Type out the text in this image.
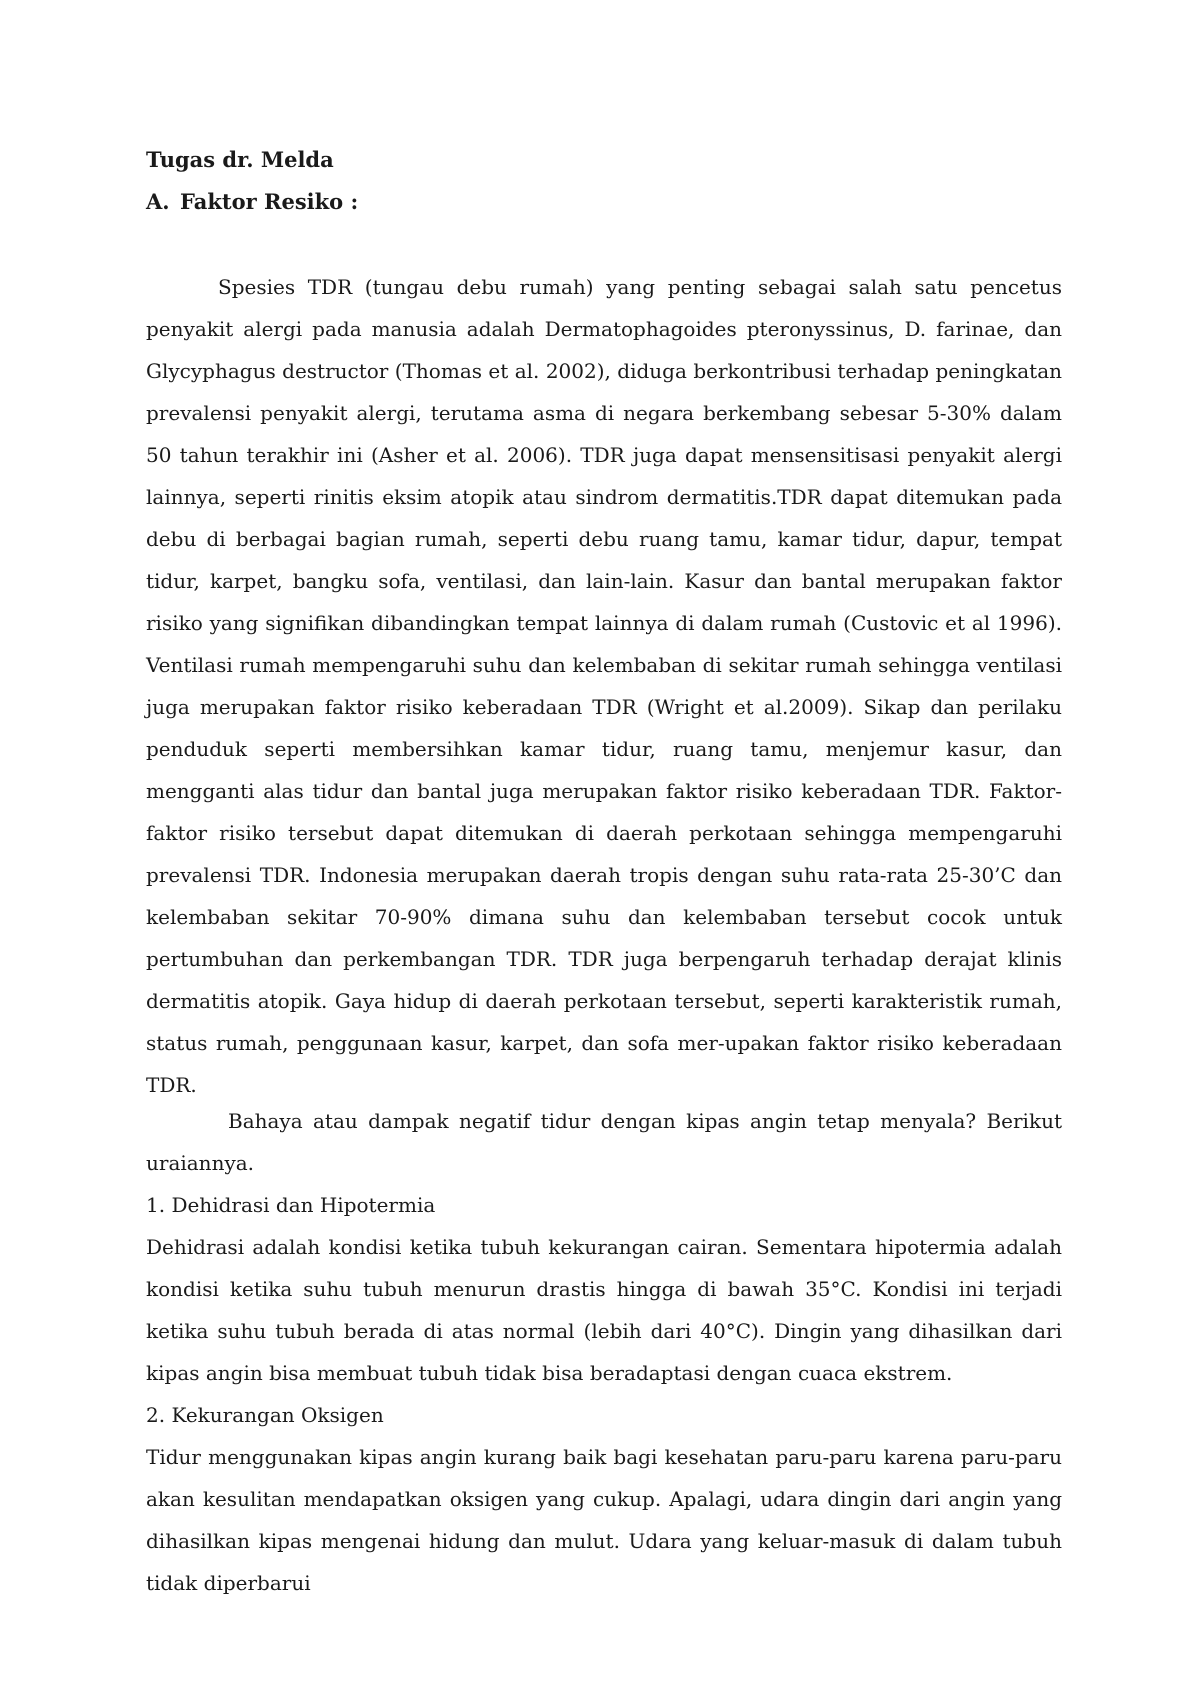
Tugas dr. Melda
A. Faktor Resiko :

Spesies TDR (tungau debu rumah) yang penting sebagai salah satu pencetus penyakit alergi pada manusia adalah Dermatophagoides pteronyssinus, D. farinae, dan Glycyphagus destructor (Thomas et al. 2002), diduga berkontribusi terhadap peningkatan prevalensi penyakit alergi, terutama asma di negara berkembang sebesar 5-30% dalam 50 tahun terakhir ini (Asher et al. 2006). TDR juga dapat mensensitisasi penyakit alergi lainnya, seperti rinitis eksim atopik atau sindrom dermatitis.TDR dapat ditemukan pada debu di berbagai bagian rumah, seperti debu ruang tamu, kamar tidur, dapur, tempat tidur, karpet, bangku sofa, ventilasi, dan lain-lain. Kasur dan bantal merupakan faktor risiko yang signifikan dibandingkan tempat lainnya di dalam rumah (Custovic et al 1996). Ventilasi rumah mempengaruhi suhu dan kelembaban di sekitar rumah sehingga ventilasi juga merupakan faktor risiko keberadaan TDR (Wright et al.2009). Sikap dan perilaku penduduk seperti membersihkan kamar tidur, ruang tamu, menjemur kasur, dan mengganti alas tidur dan bantal juga merupakan faktor risiko keberadaan TDR. Faktor-faktor risiko tersebut dapat ditemukan di daerah perkotaan sehingga mempengaruhi prevalensi TDR. Indonesia merupakan daerah tropis dengan suhu rata-rata 25-30’C dan kelembaban sekitar 70-90% dimana suhu dan kelembaban tersebut cocok untuk pertumbuhan dan perkembangan TDR. TDR juga berpengaruh terhadap derajat klinis dermatitis atopik. Gaya hidup di daerah perkotaan tersebut, seperti karakteristik rumah, status rumah, penggunaan kasur, karpet, dan sofa mer-upakan faktor risiko keberadaan TDR.

Bahaya atau dampak negatif tidur dengan kipas angin tetap menyala? Berikut uraiannya.

1. Dehidrasi dan Hipotermia

Dehidrasi adalah kondisi ketika tubuh kekurangan cairan. Sementara hipotermia adalah kondisi ketika suhu tubuh menurun drastis hingga di bawah 35°C. Kondisi ini terjadi ketika suhu tubuh berada di atas normal (lebih dari 40°C). Dingin yang dihasilkan dari kipas angin bisa membuat tubuh tidak bisa beradaptasi dengan cuaca ekstrem.

2. Kekurangan Oksigen

Tidur menggunakan kipas angin kurang baik bagi kesehatan paru-paru karena paru-paru akan kesulitan mendapatkan oksigen yang cukup. Apalagi, udara dingin dari angin yang dihasilkan kipas mengenai hidung dan mulut. Udara yang keluar-masuk di dalam tubuh tidak diperbarui
